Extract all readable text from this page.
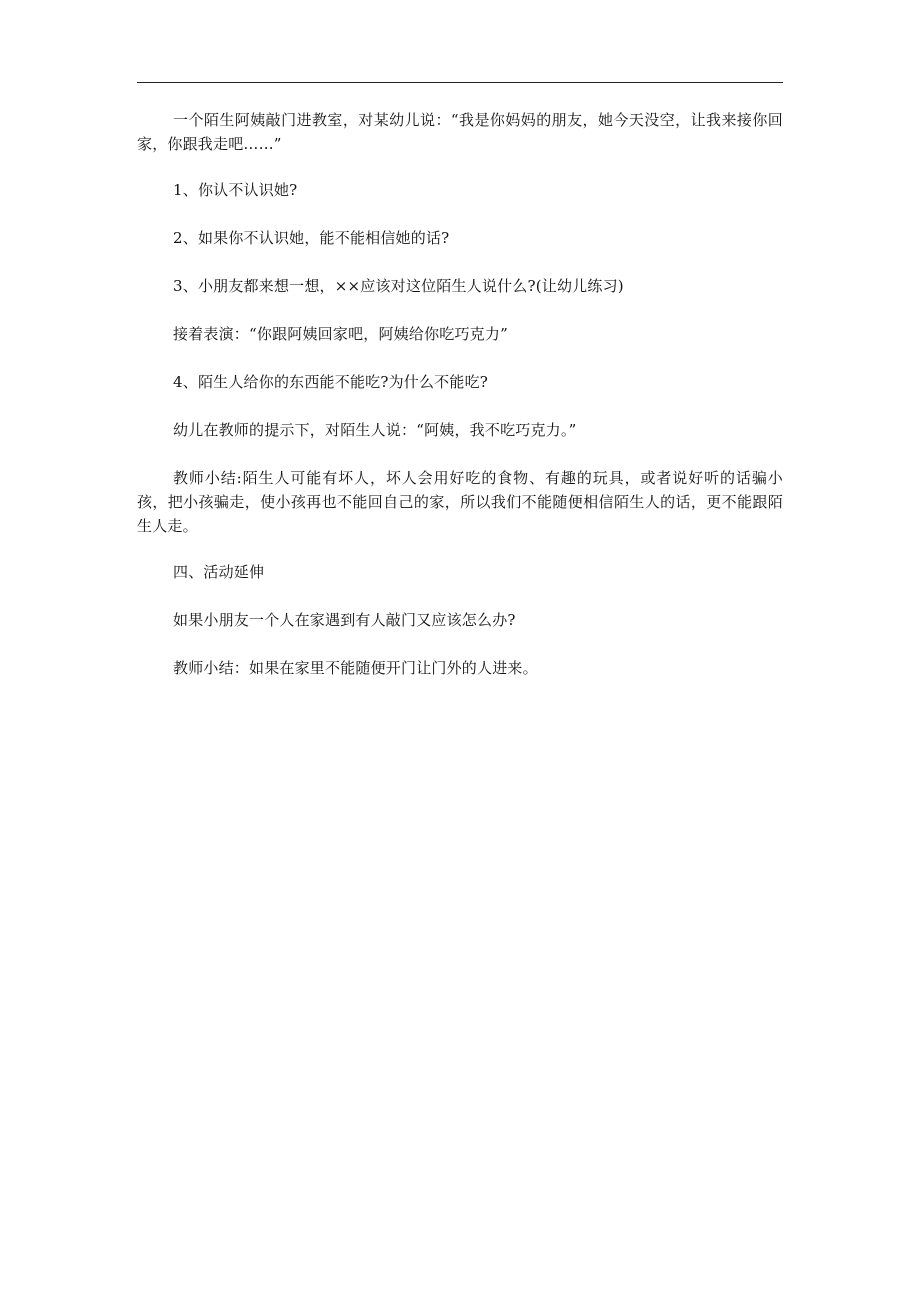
一个陌生阿姨敲门进教室，对某幼儿说：“我是你妈妈的朋友，她今天没空，让我来接你回家，你跟我走吧……”

1、你认不认识她?

2、如果你不认识她，能不能相信她的话?

3、小朋友都来想一想，××应该对这位陌生人说什么?(让幼儿练习)

接着表演：“你跟阿姨回家吧，阿姨给你吃巧克力”

4、陌生人给你的东西能不能吃?为什么不能吃?

幼儿在教师的提示下，对陌生人说：“阿姨，我不吃巧克力。”

教师小结:陌生人可能有坏人，坏人会用好吃的食物、有趣的玩具，或者说好听的话骗小孩，把小孩骗走，使小孩再也不能回自己的家，所以我们不能随便相信陌生人的话，更不能跟陌生人走。

四、活动延伸

如果小朋友一个人在家遇到有人敲门又应该怎么办?

教师小结：如果在家里不能随便开门让门外的人进来。
